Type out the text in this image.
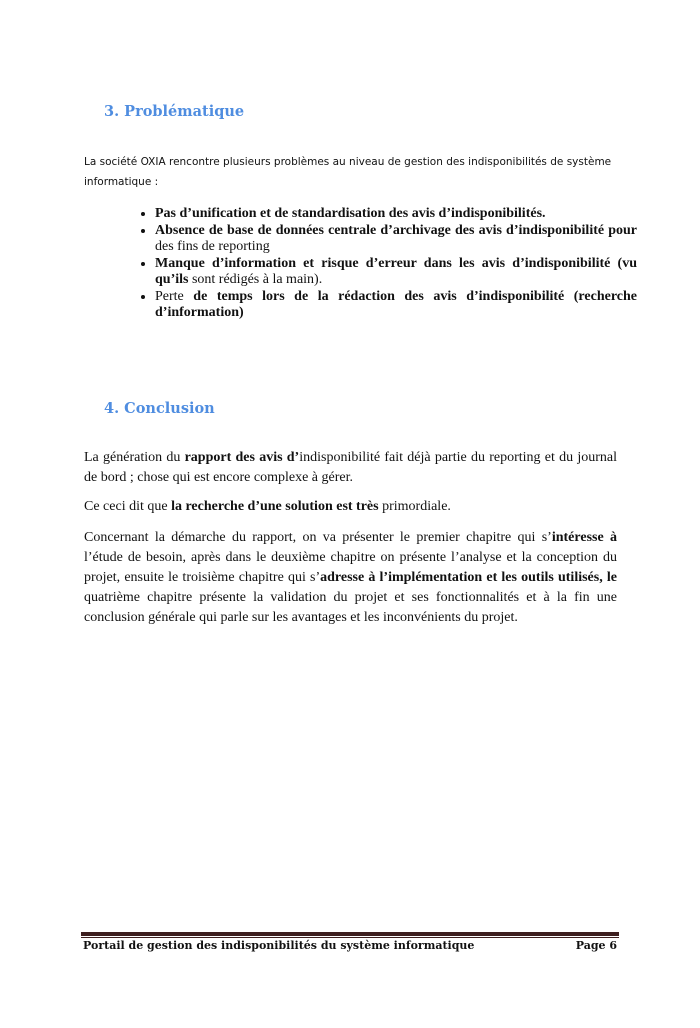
3. Problématique
La société OXIA rencontre plusieurs problèmes au niveau de gestion des indisponibilités de système informatique :
• Pas d’unification et de standardisation des avis d’indisponibilités.
• Absence de base de données centrale d’archivage des avis d’indisponibilité pour des fins de reporting
• Manque d’information et risque d’erreur dans les avis d’indisponibilité (vu qu’ils sont rédigés à la main).
• Perte de temps lors de la rédaction des avis d’indisponibilité (recherche d’information)
4. Conclusion

La génération du rapport des avis d’indisponibilité fait déjà partie du reporting et du journal de bord ; chose qui est encore complexe à gérer.

Ce ceci dit que la recherche d’une solution est très primordiale.

Concernant la démarche du rapport, on va présenter le premier chapitre qui s’intéresse à l’étude de besoin, après dans le deuxième chapitre on présente l’analyse et la conception du projet, ensuite le troisième chapitre qui s’adresse à l’implémentation et les outils utilisés, le quatrième chapitre présente la validation du projet et ses fonctionnalités et à la fin une conclusion générale qui parle sur les avantages et les inconvénients du projet.

Portail de gestion des indisponibilités du système informatique	Page 6
